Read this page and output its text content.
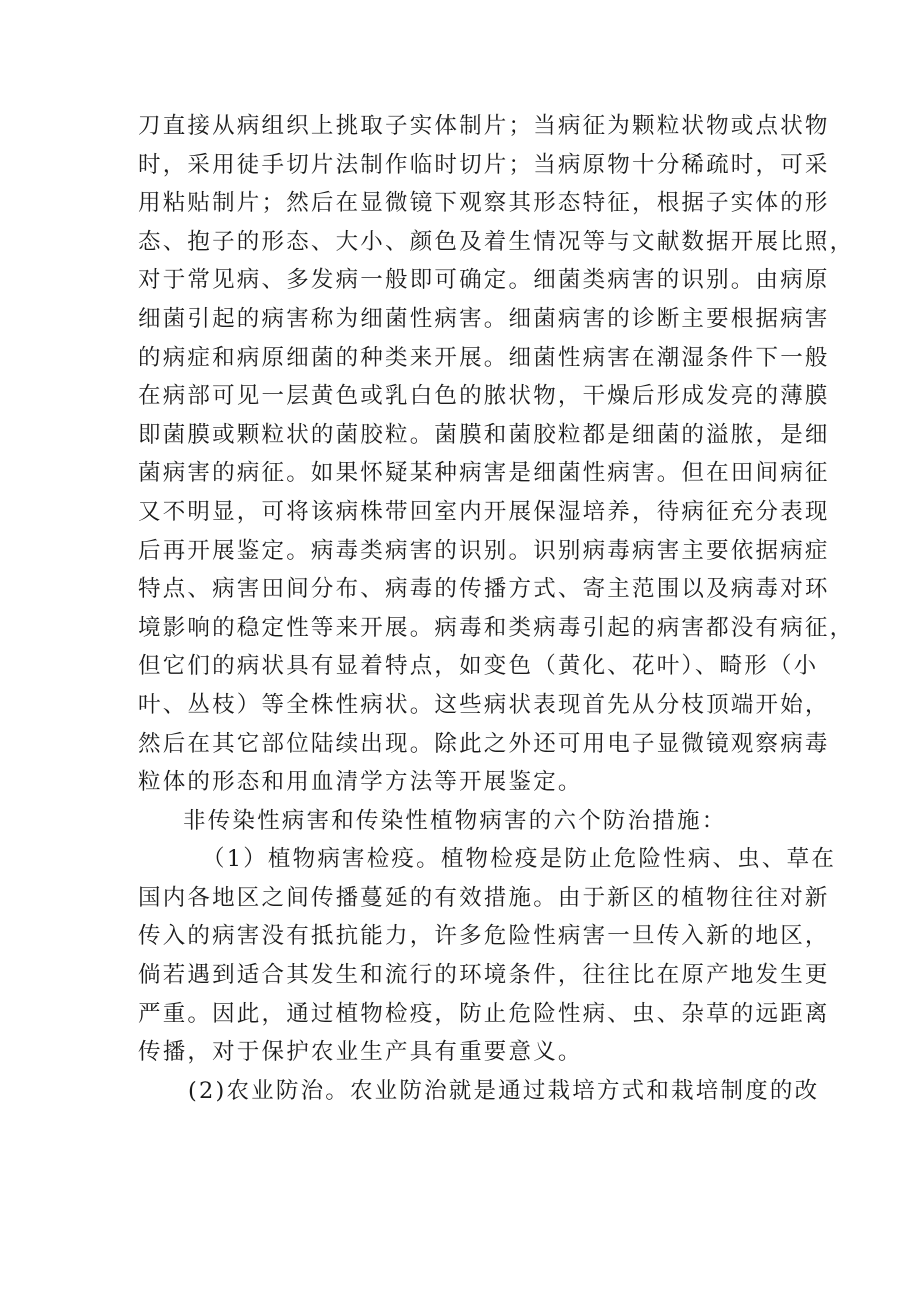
刀直接从病组织上挑取子实体制片；当病征为颗粒状物或点状物
时，采用徒手切片法制作临时切片；当病原物十分稀疏时，可采
用粘贴制片；然后在显微镜下观察其形态特征，根据子实体的形
态、抱子的形态、大小、颜色及着生情况等与文献数据开展比照，
对于常见病、多发病一般即可确定。细菌类病害的识别。由病原
细菌引起的病害称为细菌性病害。细菌病害的诊断主要根据病害
的病症和病原细菌的种类来开展。细菌性病害在潮湿条件下一般
在病部可见一层黄色或乳白色的脓状物，干燥后形成发亮的薄膜
即菌膜或颗粒状的菌胶粒。菌膜和菌胶粒都是细菌的溢脓，是细
菌病害的病征。如果怀疑某种病害是细菌性病害。但在田间病征
又不明显，可将该病株带回室内开展保湿培养，待病征充分表现
后再开展鉴定。病毒类病害的识别。识别病毒病害主要依据病症
特点、病害田间分布、病毒的传播方式、寄主范围以及病毒对环
境影响的稳定性等来开展。病毒和类病毒引起的病害都没有病征，
但它们的病状具有显着特点，如变色（黄化、花叶）、畸形（小
叶、丛枝）等全株性病状。这些病状表现首先从分枝顶端开始，
然后在其它部位陆续出现。除此之外还可用电子显微镜观察病毒
粒体的形态和用血清学方法等开展鉴定。
非传染性病害和传染性植物病害的六个防治措施：
（1）植物病害检疫。植物检疫是防止危险性病、虫、草在
国内各地区之间传播蔓延的有效措施。由于新区的植物往往对新
传入的病害没有抵抗能力，许多危险性病害一旦传入新的地区，
倘若遇到适合其发生和流行的环境条件，往往比在原产地发生更
严重。因此，通过植物检疫，防止危险性病、虫、杂草的远距离
传播，对于保护农业生产具有重要意义。
(2)农业防治。农业防治就是通过栽培方式和栽培制度的改
